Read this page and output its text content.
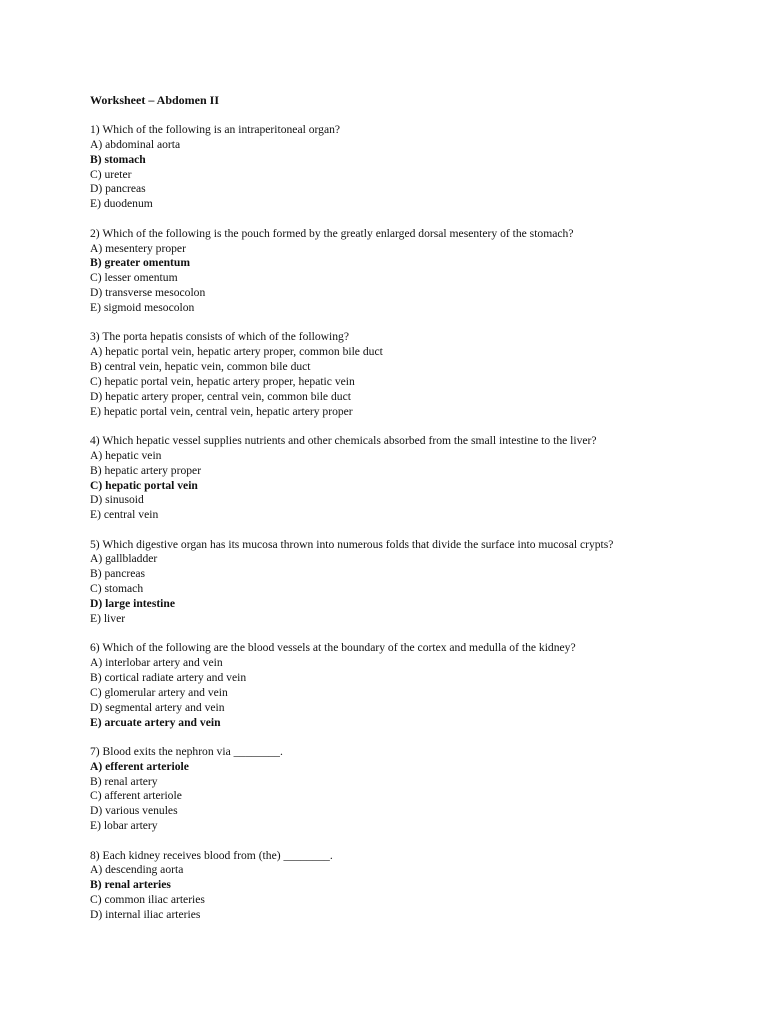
Worksheet – Abdomen II
1) Which of the following is an intraperitoneal organ?
A) abdominal aorta
B) stomach
C) ureter
D) pancreas
E) duodenum
2) Which of the following is the pouch formed by the greatly enlarged dorsal mesentery of the stomach?
A) mesentery proper
B) greater omentum
C) lesser omentum
D) transverse mesocolon
E) sigmoid mesocolon
3) The porta hepatis consists of which of the following?
A) hepatic portal vein, hepatic artery proper, common bile duct
B) central vein, hepatic vein, common bile duct
C) hepatic portal vein, hepatic artery proper, hepatic vein
D) hepatic artery proper, central vein, common bile duct
E) hepatic portal vein, central vein, hepatic artery proper
4) Which hepatic vessel supplies nutrients and other chemicals absorbed from the small intestine to the liver?
A) hepatic vein
B) hepatic artery proper
C) hepatic portal vein
D) sinusoid
E) central vein
5) Which digestive organ has its mucosa thrown into numerous folds that divide the surface into mucosal crypts?
A) gallbladder
B) pancreas
C) stomach
D) large intestine
E) liver
6) Which of the following are the blood vessels at the boundary of the cortex and medulla of the kidney?
A) interlobar artery and vein
B) cortical radiate artery and vein
C) glomerular artery and vein
D) segmental artery and vein
E) arcuate artery and vein
7) Blood exits the nephron via ________.
A) efferent arteriole
B) renal artery
C) afferent arteriole
D) various venules
E) lobar artery
8) Each kidney receives blood from (the) ________.
A) descending aorta
B) renal arteries
C) common iliac arteries
D) internal iliac arteries
